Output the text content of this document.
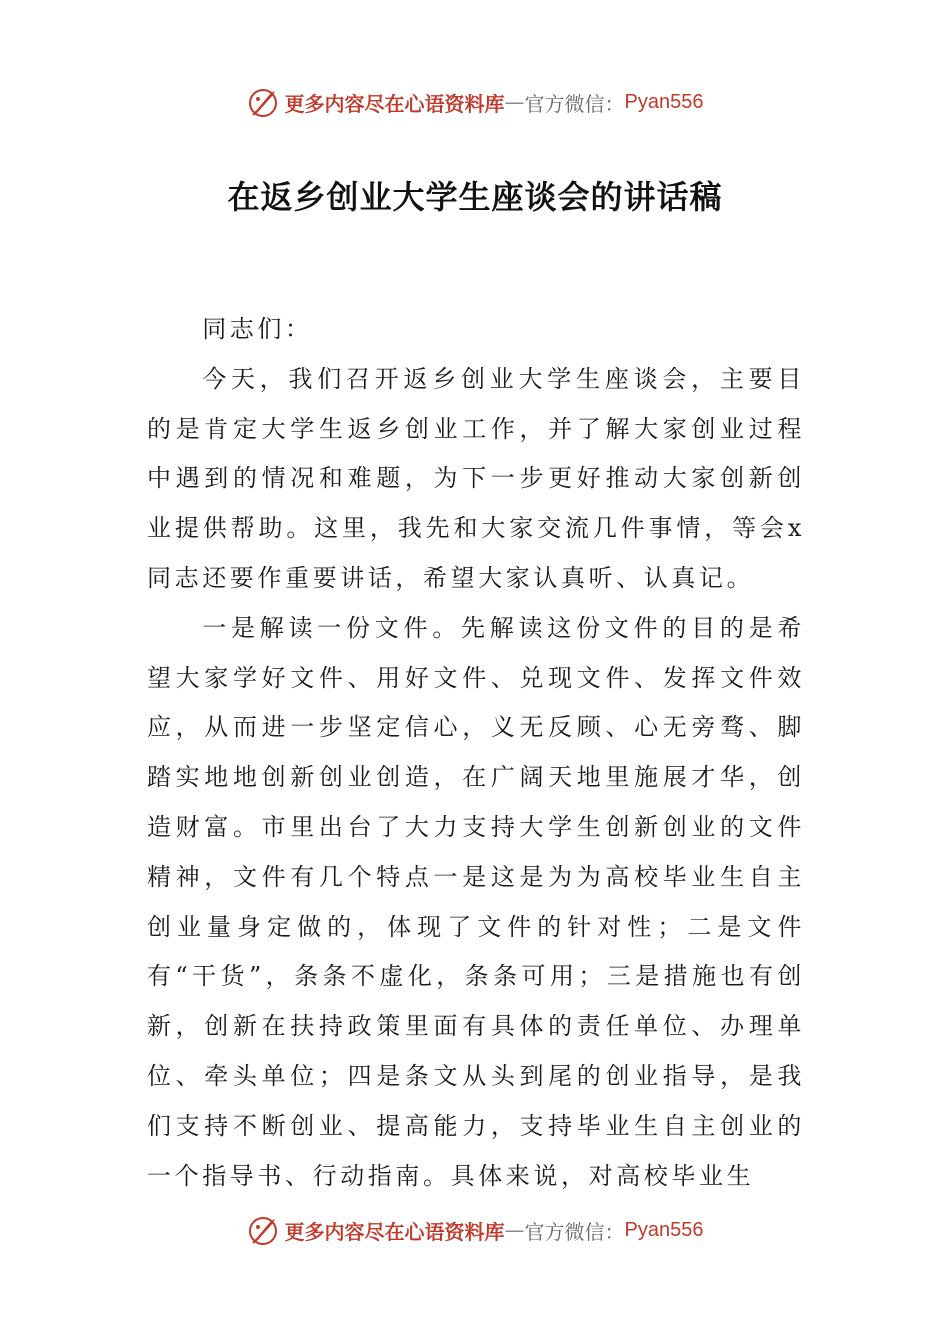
更多内容尽在心语资料库 — 官方微信： Pyan556
在返乡创业大学生座谈会的讲话稿

同志们：

今天，我们召开返乡创业大学生座谈会，主要目的是肯定大学生返乡创业工作，并了解大家创业过程中遇到的情况和难题，为下一步更好推动大家创新创业提供帮助。这里，我先和大家交流几件事情，等会x同志还要作重要讲话，希望大家认真听、认真记。

一是解读一份文件。先解读这份文件的目的是希望大家学好文件、用好文件、兑现文件、发挥文件效应，从而进一步坚定信心，义无反顾、心无旁骛、脚踏实地地创新创业创造，在广阔天地里施展才华，创造财富。市里出台了大力支持大学生创新创业的文件精神，文件有几个特点一是这是为为高校毕业生自主创业量身定做的，体现了文件的针对性；二是文件有“干货”，条条不虚化，条条可用；三是措施也有创新，创新在扶持政策里面有具体的责任单位、办理单位、牵头单位；四是条文从头到尾的创业指导，是我们支持不断创业、提高能力，支持毕业生自主创业的一个指导书、行动指南。具体来说，对高校毕业生

更多内容尽在心语资料库 — 官方微信： Pyan556
